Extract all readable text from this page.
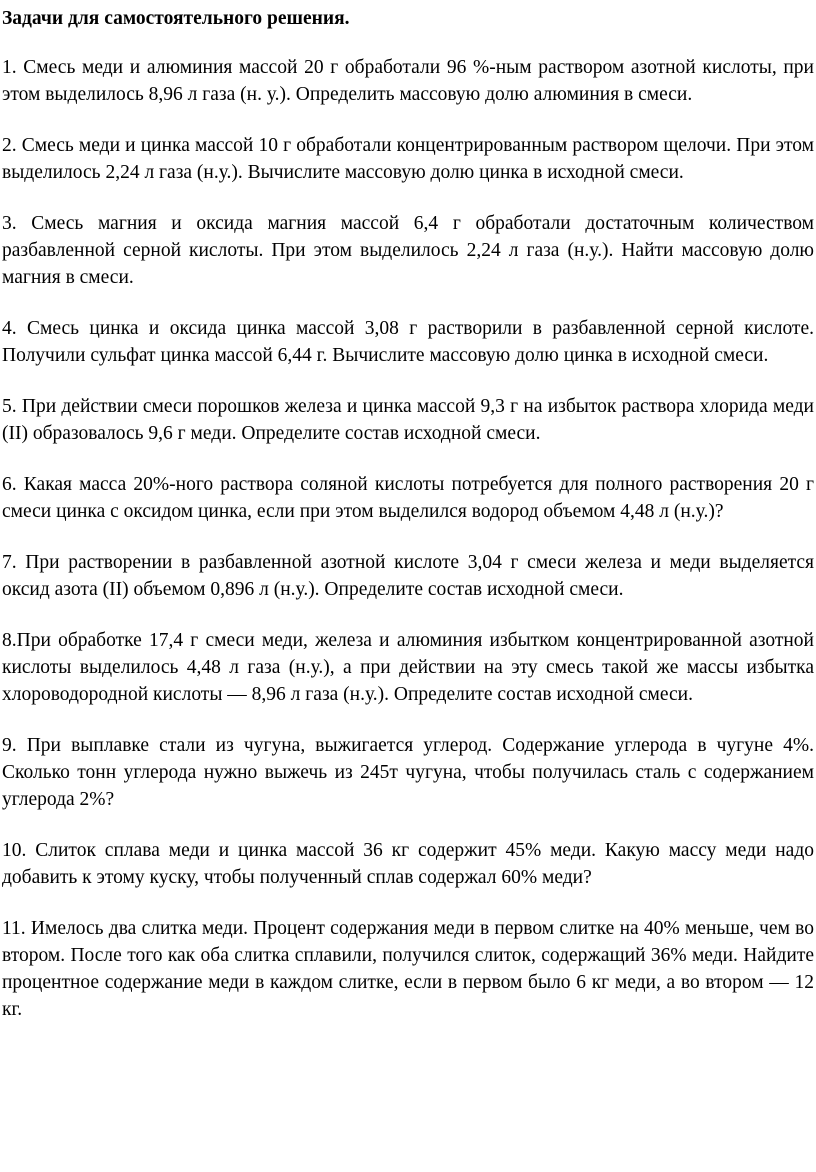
Задачи для самостоятельного решения.
1. Смесь меди и алюминия массой 20 г обработали 96 %-ным раствором азотной кислоты, при этом выделилось 8,96 л газа (н. у.). Определить массовую долю алюминия в смеси.
2. Смесь меди и цинка массой 10 г обработали концентрированным раствором щелочи. При этом выделилось 2,24 л газа (н.у.). Вычислите массовую долю цинка в исходной смеси.
3. Смесь магния и оксида магния массой 6,4 г обработали достаточным количеством разбавленной серной кислоты. При этом выделилось 2,24 л газа (н.у.). Найти массовую долю магния в смеси.
4. Смесь цинка и оксида цинка массой 3,08 г растворили в разбавленной серной кислоте. Получили сульфат цинка массой 6,44 г. Вычислите массовую долю цинка в исходной смеси.
5. При действии смеси порошков железа и цинка массой 9,3 г на избыток раствора хлорида меди (II) образовалось 9,6 г меди. Определите состав исходной смеси.
6. Какая масса 20%-ного раствора соляной кислоты потребуется для полного растворения 20 г смеси цинка с оксидом цинка, если при этом выделился водород объемом 4,48 л (н.у.)?
7. При растворении в разбавленной азотной кислоте 3,04 г смеси железа и меди выделяется оксид азота (II) объемом 0,896 л (н.у.). Определите состав исходной смеси.
8.При обработке 17,4 г смеси меди, железа и алюминия избытком концентрированной азотной кислоты выделилось 4,48 л газа (н.у.), а при действии на эту смесь такой же массы избытка хлороводородной кислоты — 8,96 л газа (н.у.). Определите состав исходной смеси.
9. При выплавке стали из чугуна, выжигается углерод. Содержание углерода в чугуне 4%. Сколько тонн углерода нужно выжечь из 245т чугуна, чтобы получилась сталь с содержанием углерода 2%?
10. Слиток сплава меди и цинка массой 36 кг содержит 45% меди. Какую массу меди надо добавить к этому куску, чтобы полученный сплав содержал 60% меди?
11. Имелось два слитка меди. Процент содержания меди в первом слитке на 40% меньше, чем во втором. После того как оба слитка сплавили, получился слиток, содержащий 36% меди. Найдите процентное содержание меди в каждом слитке, если в первом было 6 кг меди, а во втором — 12 кг.
